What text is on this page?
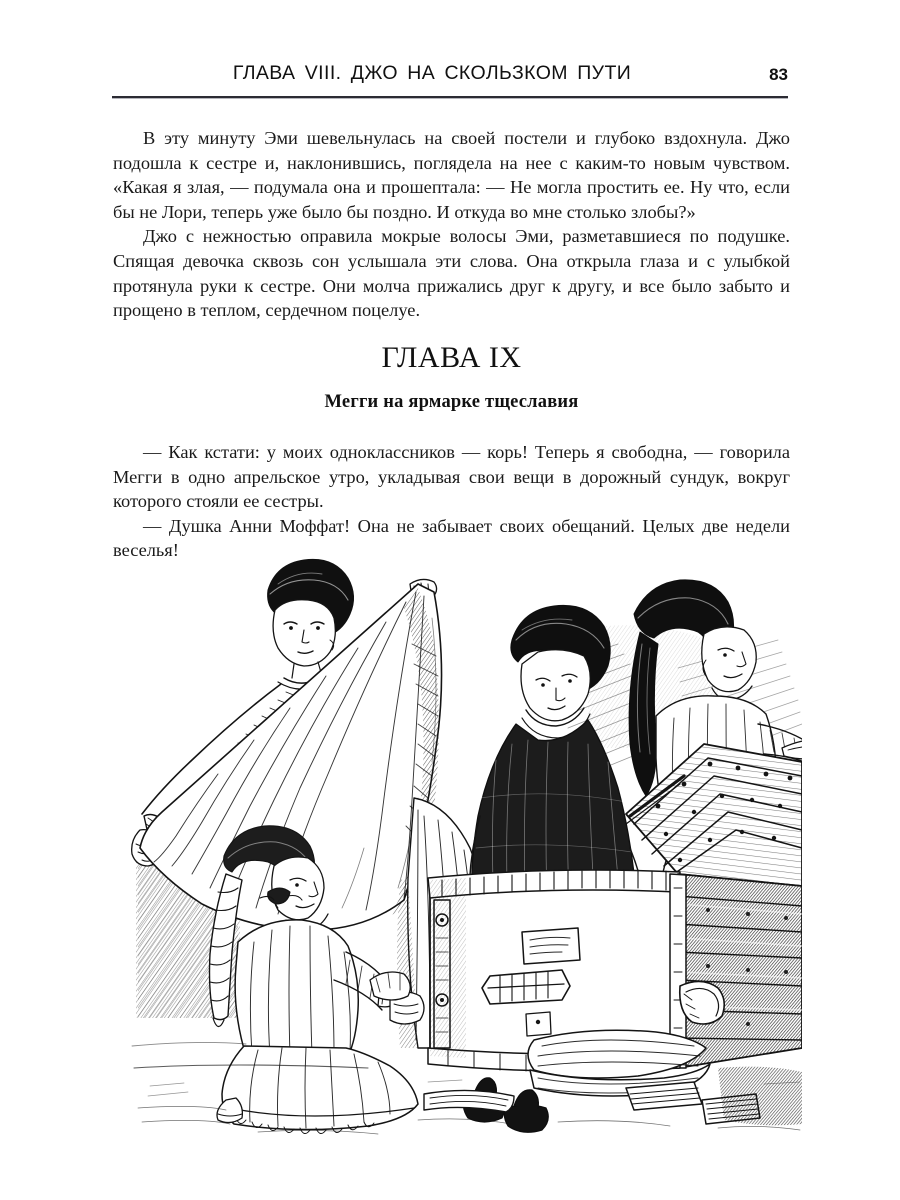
ГЛАВА VIII. ДЖО НА СКОЛЬЗКОМ ПУТИ	83

В эту минуту Эми шевельнулась на своей постели и глубоко вздохнула. Джо подошла к сестре и, наклонившись, поглядела на нее с каким-то новым чувством. «Какая я злая, — подумала она и прошептала: — Не могла простить ее. Ну что, если бы не Лори, теперь уже было бы поздно. И откуда во мне столько злобы?»

Джо с нежностью оправила мокрые волосы Эми, разметавшиеся по подушке. Спящая девочка сквозь сон услышала эти слова. Она открыла глаза и с улыбкой протянула руки к сестре. Они молча прижались друг к другу, и все было забыто и прощено в теплом, сердечном поцелуе.

ГЛАВА IX
Мегги на ярмарке тщеславия

— Как кстати: у моих одноклассников — корь! Теперь я свободна, — говорила Мегги в одно апрельское утро, укладывая свои вещи в дорожный сундук, вокруг которого стояли ее сестры.

— Душка Анни Моффат! Она не забывает своих обещаний. Целых две недели веселья!
